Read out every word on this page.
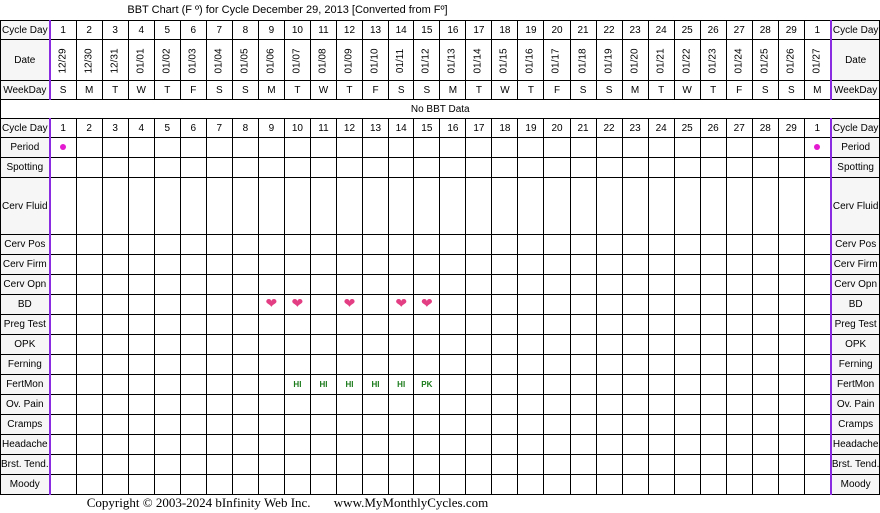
BBT Chart (F º) for Cycle December 29, 2013 [Converted from Fº]
Cycle Day	1	2	3	4	5	6	7	8	9	10	11	12	13	14	15	16	17	18	19	20	21	22	23	24	25	26	27	28	29	1	Cycle Day
Date	12/29	12/30	12/31	01/01	01/02	01/03	01/04	01/05	01/06	01/07	01/08	01/09	01/10	01/11	01/12	01/13	01/14	01/15	01/16	01/17	01/18	01/19	01/20	01/21	01/22	01/23	01/24	01/25	01/26	01/27	Date
WeekDay	S	M	T	W	T	F	S	S	M	T	W	T	F	S	S	M	T	W	T	F	S	S	M	T	W	T	F	S	S	M	WeekDay
No BBT Data																															
Cycle Day	1	2	3	4	5	6	7	8	9	10	11	12	13	14	15	16	17	18	19	20	21	22	23	24	25	26	27	28	29	1	Cycle Day
Period																															Period
Spotting																															Spotting
Cerv Fluid																															Cerv Fluid
Cerv Pos																															Cerv Pos
Cerv Firm																															Cerv Firm
Cerv Opn																															Cerv Opn
BD									❤	❤		❤		❤	❤																BD
Preg Test																															Preg Test
OPK																															OPK
Ferning																															Ferning
FertMon										HI	HI	HI	HI	HI	PK																FertMon
Ov. Pain																															Ov. Pain
Cramps																															Cramps
Headache																															Headache
Brst. Tend.																															Brst. Tend.
Moody																															Moody
Copyright © 2003-2024 bInfinity Web Inc. www.MyMonthlyCycles.com
